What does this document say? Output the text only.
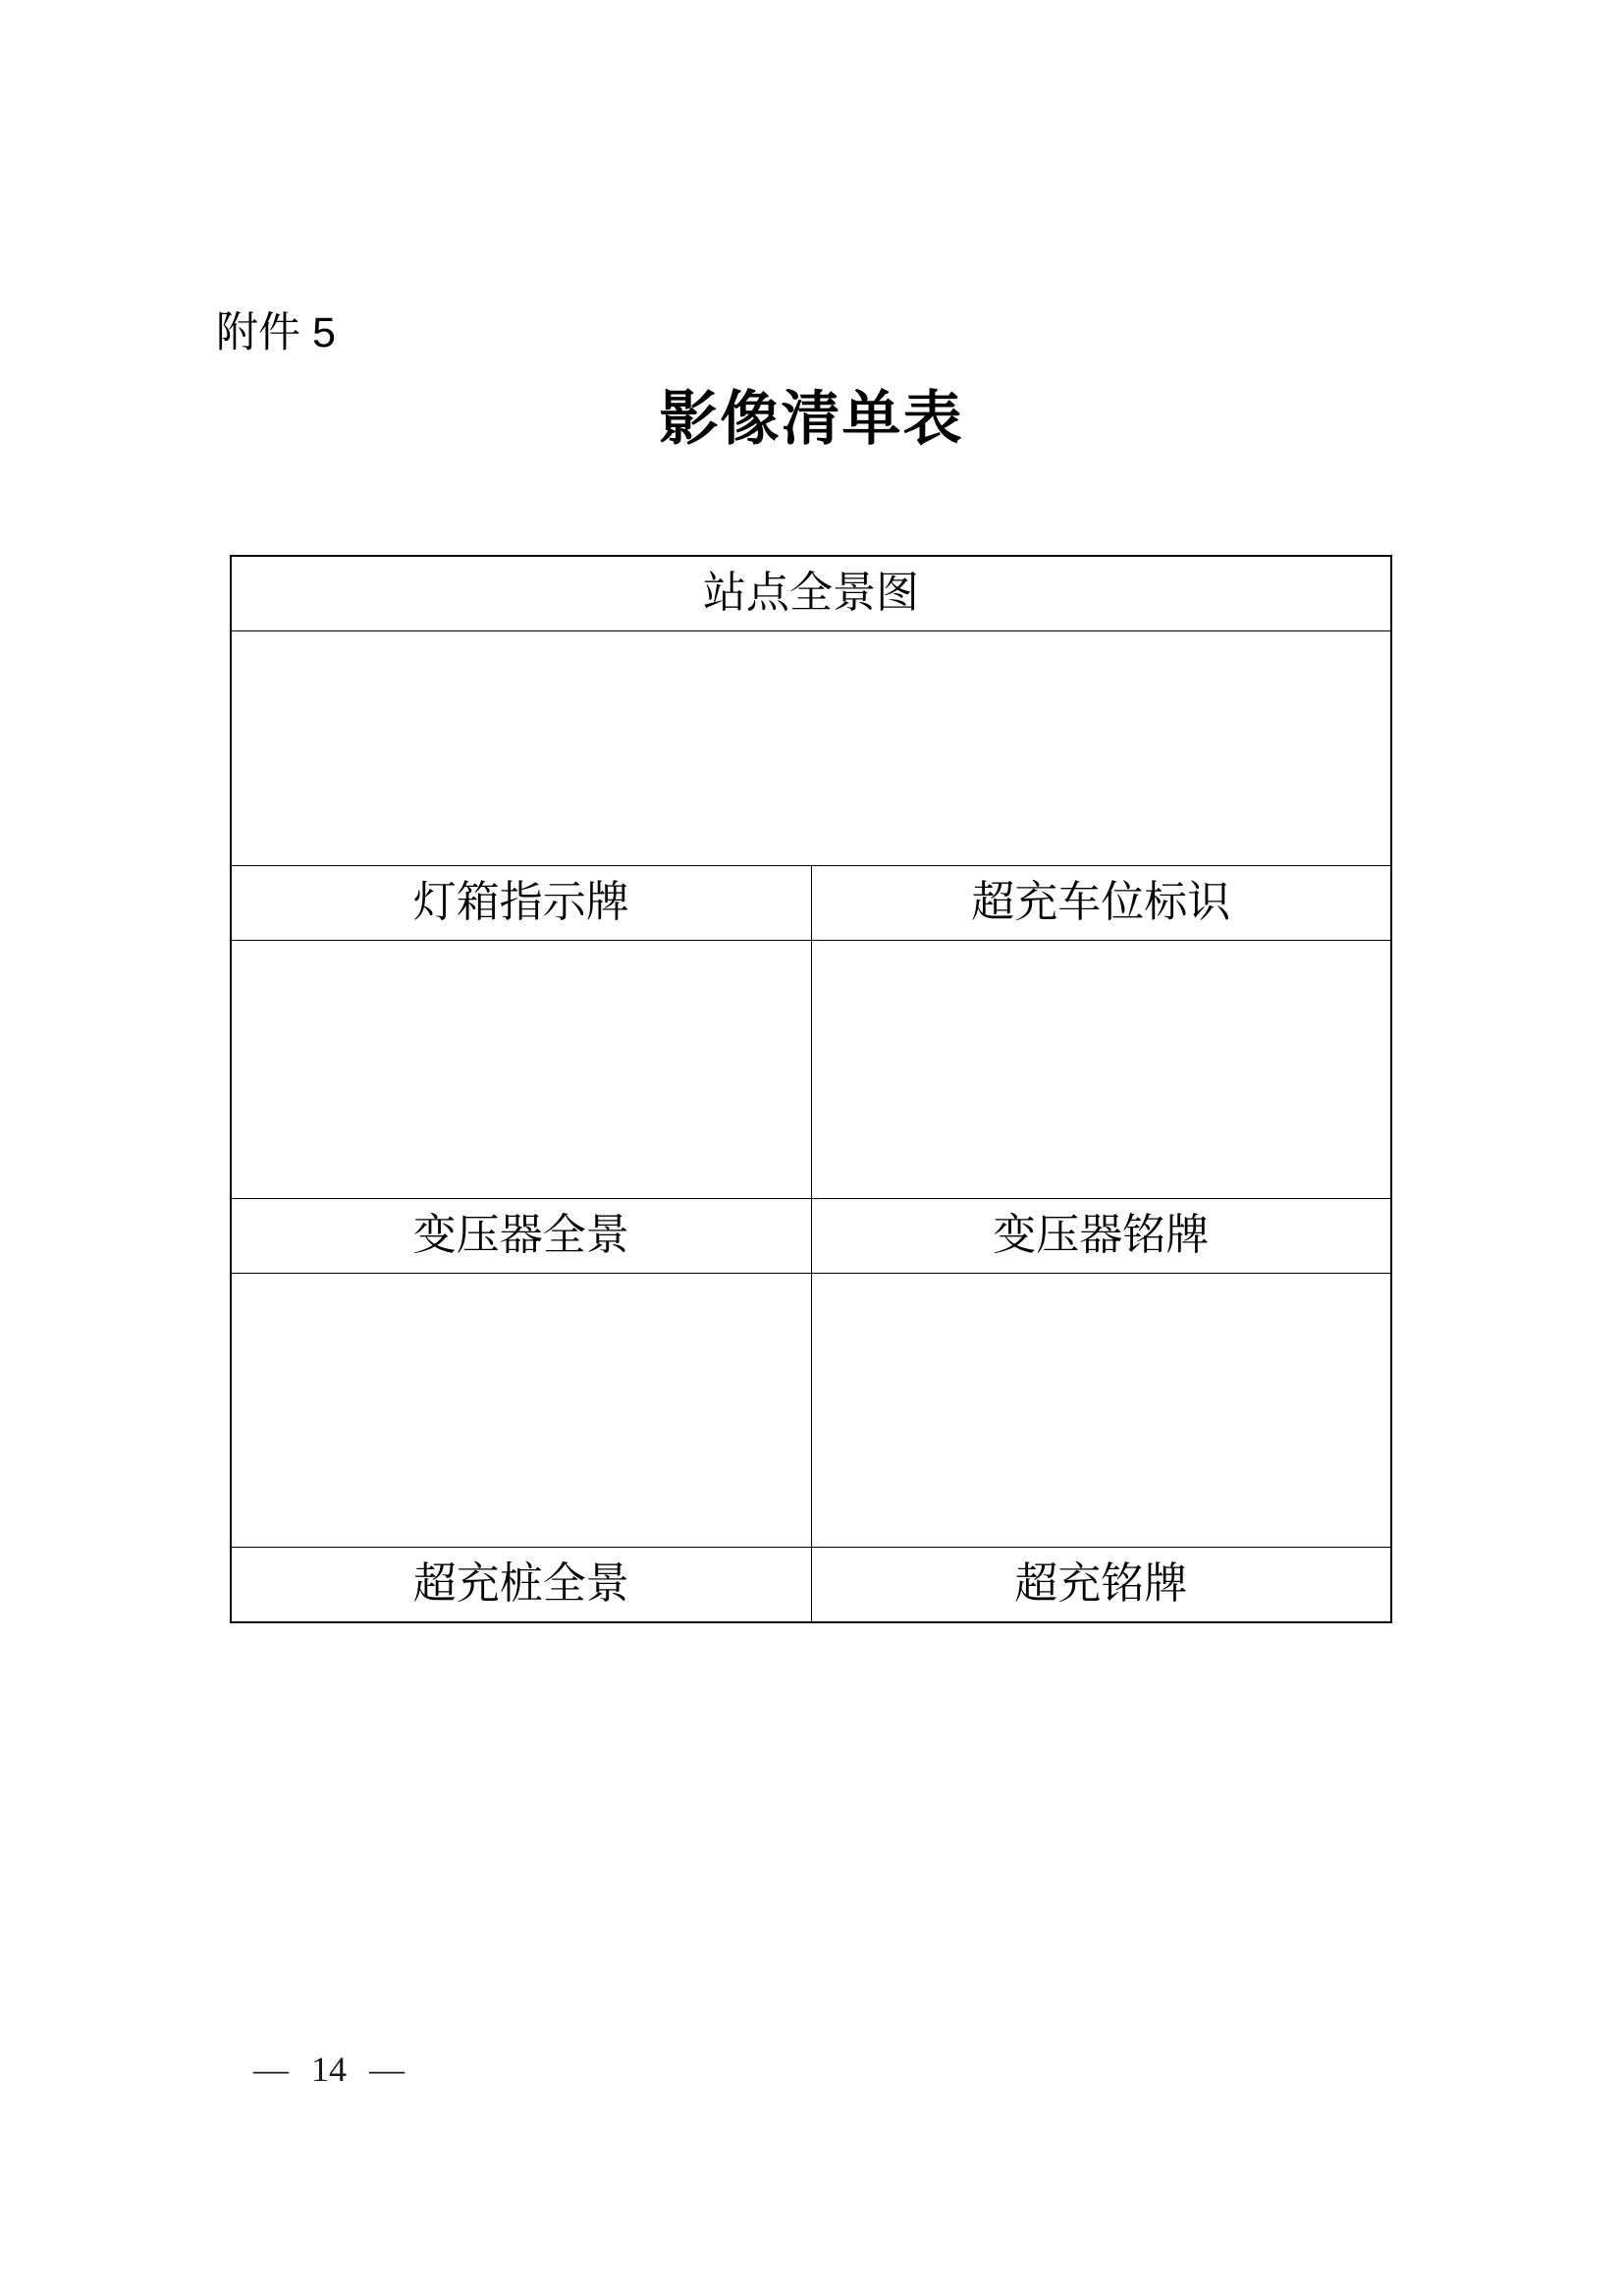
附件 5
影像清单表
站点全景图	

灯箱指示牌	超充车位标识

变压器全景	变压器铭牌

超充桩全景	超充铭牌
— 14 —
